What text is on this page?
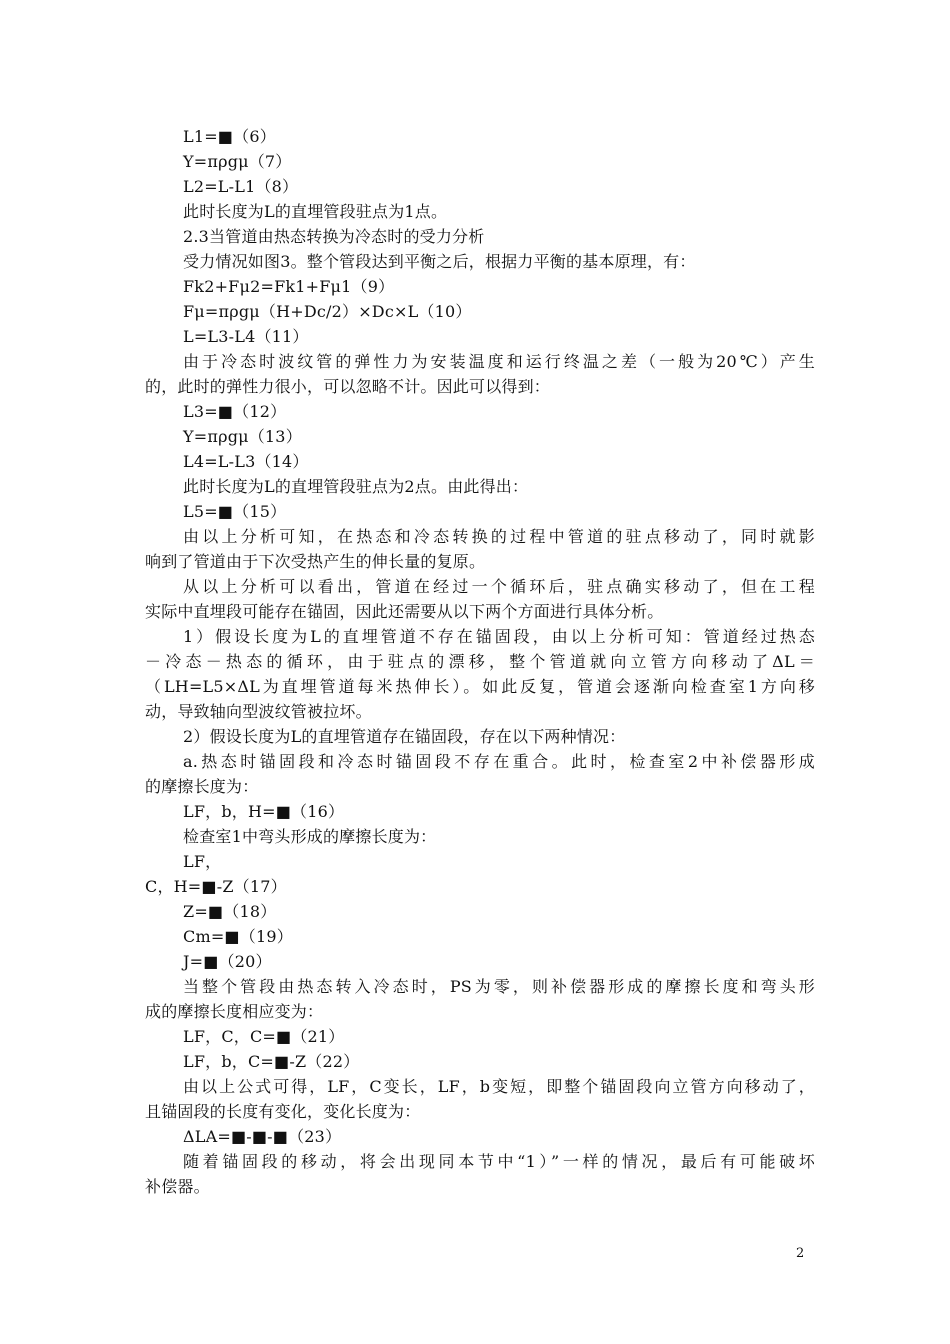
L1=■（6）
Y=πρgμ（7）
L2=L-L1（8）
此时长度为L的直埋管段驻点为1点。
2.3当管道由热态转换为冷态时的受力分析
受力情况如图3。整个管段达到平衡之后，根据力平衡的基本原理，有：
Fk2+Fμ2=Fk1+Fμ1（9）
Fμ=πρgμ（H+Dc/2）×Dc×L（10）
L=L3-L4（11）
由于冷态时波纹管的弹性力为安装温度和运行终温之差（一般为20℃）产生
的，此时的弹性力很小，可以忽略不计。因此可以得到：
L3=■（12）
Y=πρgμ（13）
L4=L-L3（14）
此时长度为L的直埋管段驻点为2点。由此得出：
L5=■（15）
由以上分析可知，在热态和冷态转换的过程中管道的驻点移动了，同时就影
响到了管道由于下次受热产生的伸长量的复原。
从以上分析可以看出，管道在经过一个循环后，驻点确实移动了，但在工程
实际中直埋段可能存在锚固，因此还需要从以下两个方面进行具体分析。
1）假设长度为L的直埋管道不存在锚固段，由以上分析可知：管道经过热态
－冷态－热态的循环，由于驻点的漂移，整个管道就向立管方向移动了ΔL＝
（LH=L5×ΔL为直埋管道每米热伸长）。如此反复，管道会逐渐向检查室1方向移
动，导致轴向型波纹管被拉坏。
2）假设长度为L的直埋管道存在锚固段，存在以下两种情况：
a.热态时锚固段和冷态时锚固段不存在重合。此时，检查室2中补偿器形成
的摩擦长度为：
LF，b，H=■（16）
检查室1中弯头形成的摩擦长度为：
LF，
C，H=■-Z（17）
Z=■（18）
Cm=■（19）
J=■（20）
当整个管段由热态转入冷态时，PS为零，则补偿器形成的摩擦长度和弯头形
成的摩擦长度相应变为：
LF，C，C=■（21）
LF，b，C=■-Z（22）
由以上公式可得，LF，C变长，LF，b变短，即整个锚固段向立管方向移动了，
且锚固段的长度有变化，变化长度为：
ΔLA=■-■-■（23）
随着锚固段的移动，将会出现同本节中“1）”一样的情况，最后有可能破坏
补偿器。
2
